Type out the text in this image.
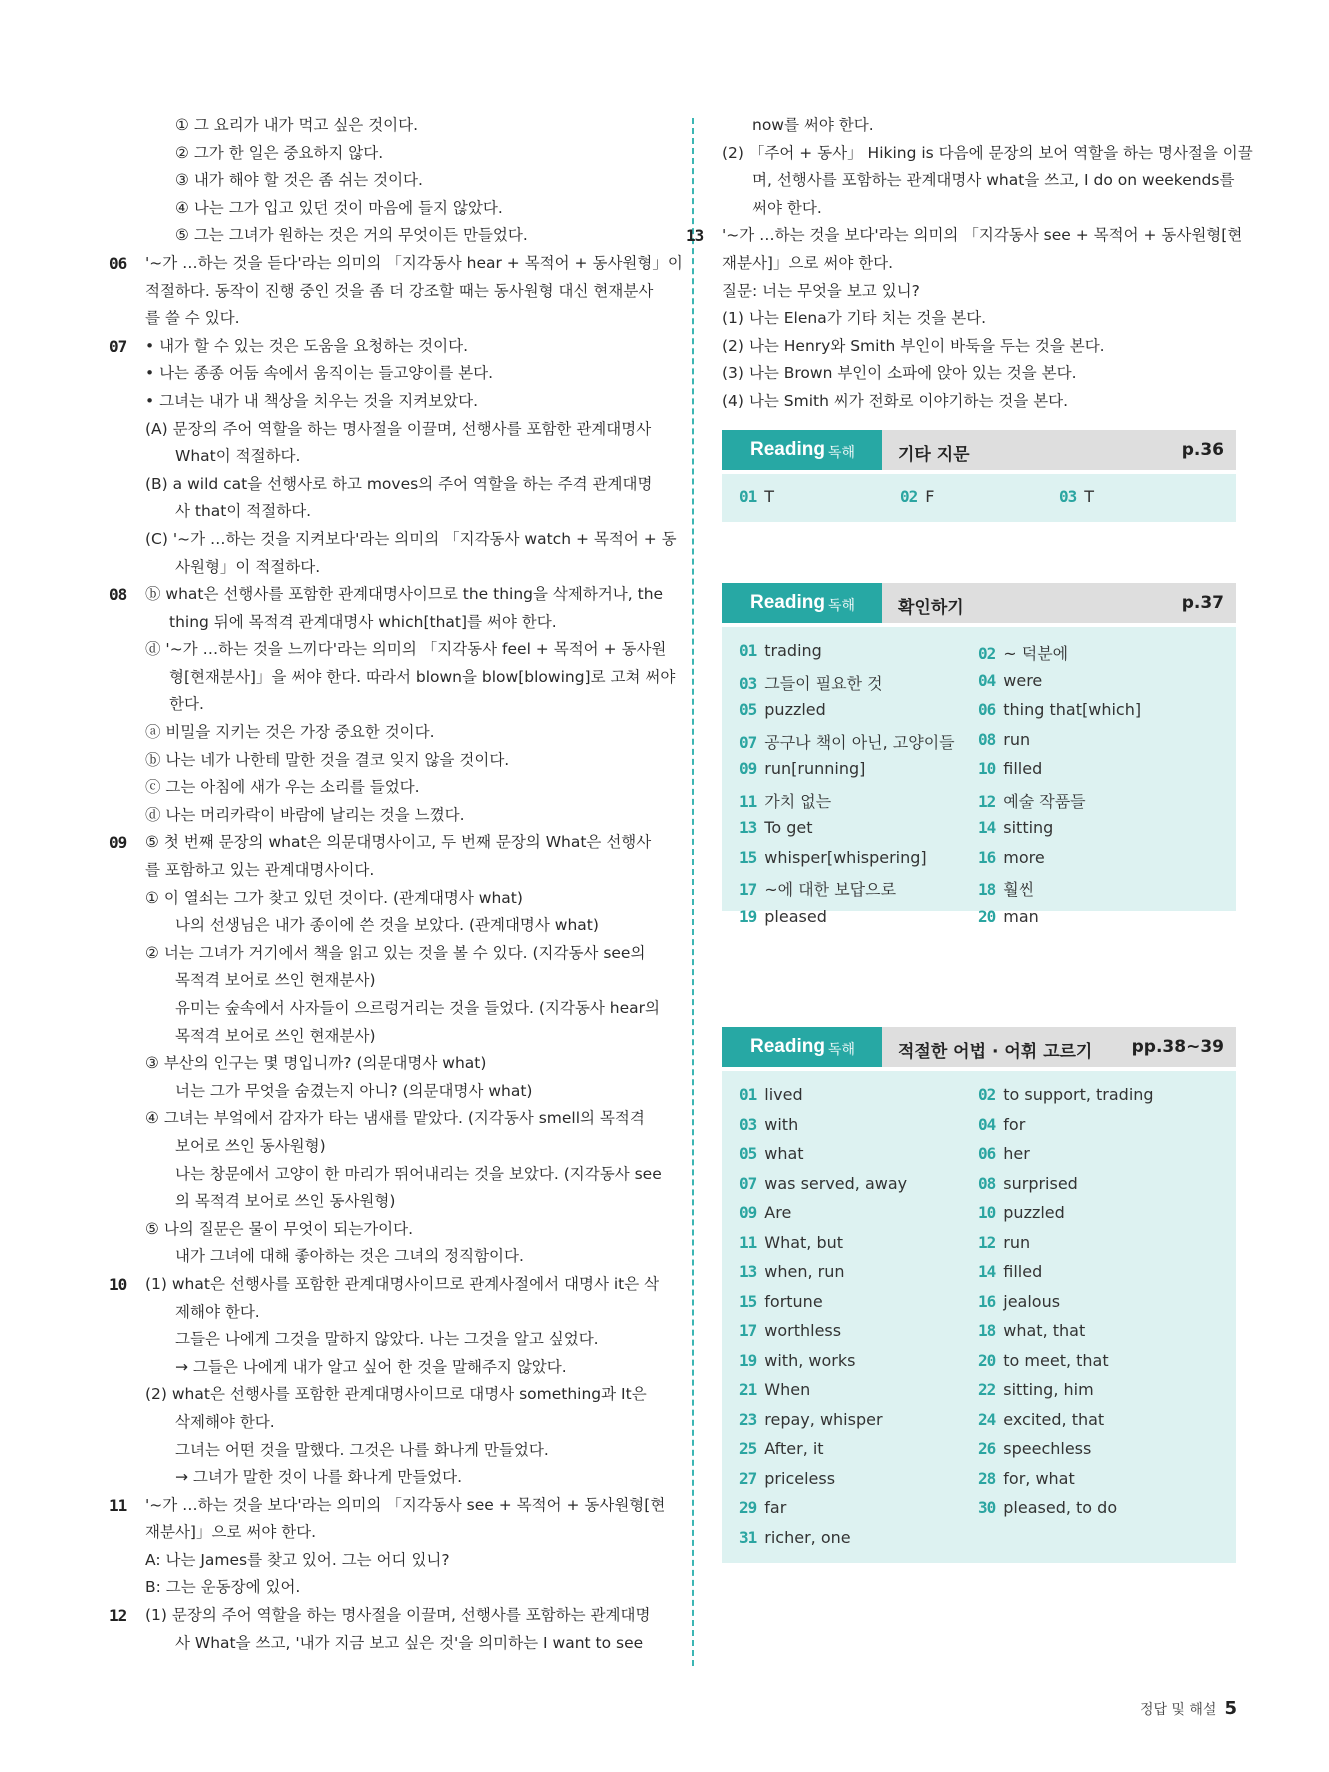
① 그 요리가 내가 먹고 싶은 것이다.
② 그가 한 일은 중요하지 않다.
③ 내가 해야 할 것은 좀 쉬는 것이다.
④ 나는 그가 입고 있던 것이 마음에 들지 않았다.
⑤ 그는 그녀가 원하는 것은 거의 무엇이든 만들었다.
06 '~가 …하는 것을 듣다'라는 의미의 「지각동사 hear + 목적어 + 동사원형」이
적절하다. 동작이 진행 중인 것을 좀 더 강조할 때는 동사원형 대신 현재분사
를 쓸 수 있다.
07 • 내가 할 수 있는 것은 도움을 요청하는 것이다.
• 나는 종종 어둠 속에서 움직이는 들고양이를 본다.
• 그녀는 내가 내 책상을 치우는 것을 지켜보았다.
(A) 문장의 주어 역할을 하는 명사절을 이끌며, 선행사를 포함한 관계대명사
What이 적절하다.
(B) a wild cat을 선행사로 하고 moves의 주어 역할을 하는 주격 관계대명
사 that이 적절하다.
(C) '~가 …하는 것을 지켜보다'라는 의미의 「지각동사 watch + 목적어 + 동
사원형」이 적절하다.
08 ⓑ what은 선행사를 포함한 관계대명사이므로 the thing을 삭제하거나, the
thing 뒤에 목적격 관계대명사 which[that]를 써야 한다.
ⓓ '~가 …하는 것을 느끼다'라는 의미의 「지각동사 feel + 목적어 + 동사원
형[현재분사]」을 써야 한다. 따라서 blown을 blow[blowing]로 고쳐 써야
한다.
ⓐ 비밀을 지키는 것은 가장 중요한 것이다.
ⓑ 나는 네가 나한테 말한 것을 결코 잊지 않을 것이다.
ⓒ 그는 아침에 새가 우는 소리를 들었다.
ⓓ 나는 머리카락이 바람에 날리는 것을 느꼈다.
09 ⑤ 첫 번째 문장의 what은 의문대명사이고, 두 번째 문장의 What은 선행사
를 포함하고 있는 관계대명사이다.
① 이 열쇠는 그가 찾고 있던 것이다. (관계대명사 what)
나의 선생님은 내가 종이에 쓴 것을 보았다. (관계대명사 what)
② 너는 그녀가 거기에서 책을 읽고 있는 것을 볼 수 있다. (지각동사 see의
목적격 보어로 쓰인 현재분사)
유미는 숲속에서 사자들이 으르렁거리는 것을 들었다. (지각동사 hear의
목적격 보어로 쓰인 현재분사)
③ 부산의 인구는 몇 명입니까? (의문대명사 what)
너는 그가 무엇을 숨겼는지 아니? (의문대명사 what)
④ 그녀는 부엌에서 감자가 타는 냄새를 맡았다. (지각동사 smell의 목적격
보어로 쓰인 동사원형)
나는 창문에서 고양이 한 마리가 뛰어내리는 것을 보았다. (지각동사 see
의 목적격 보어로 쓰인 동사원형)
⑤ 나의 질문은 물이 무엇이 되는가이다.
내가 그녀에 대해 좋아하는 것은 그녀의 정직함이다.
10 (1) what은 선행사를 포함한 관계대명사이므로 관계사절에서 대명사 it은 삭
제해야 한다.
그들은 나에게 그것을 말하지 않았다. 나는 그것을 알고 싶었다.
→ 그들은 나에게 내가 알고 싶어 한 것을 말해주지 않았다.
(2) what은 선행사를 포함한 관계대명사이므로 대명사 something과 It은
삭제해야 한다.
그녀는 어떤 것을 말했다. 그것은 나를 화나게 만들었다.
→ 그녀가 말한 것이 나를 화나게 만들었다.
11 '~가 …하는 것을 보다'라는 의미의 「지각동사 see + 목적어 + 동사원형[현
재분사]」으로 써야 한다.
A: 나는 James를 찾고 있어. 그는 어디 있니?
B: 그는 운동장에 있어.
12 (1) 문장의 주어 역할을 하는 명사절을 이끌며, 선행사를 포함하는 관계대명
사 What을 쓰고, '내가 지금 보고 싶은 것'을 의미하는 I want to see
now를 써야 한다.
(2) 「주어 + 동사」 Hiking is 다음에 문장의 보어 역할을 하는 명사절을 이끌
며, 선행사를 포함하는 관계대명사 what을 쓰고, I do on weekends를
써야 한다.
13 '~가 …하는 것을 보다'라는 의미의 「지각동사 see + 목적어 + 동사원형[현
재분사]」으로 써야 한다.
질문: 너는 무엇을 보고 있니?
(1) 나는 Elena가 기타 치는 것을 본다.
(2) 나는 Henry와 Smith 부인이 바둑을 두는 것을 본다.
(3) 나는 Brown 부인이 소파에 앉아 있는 것을 본다.
(4) 나는 Smith 씨가 전화로 이야기하는 것을 본다.
Reading 독해	기타 지문	p.36
01 T	02 F	03 T
Reading 독해	확인하기	p.37
01 trading	02 ~ 덕분에
03 그들이 필요한 것	04 were
05 puzzled	06 thing that[which]
07 공구나 책이 아닌, 고양이들 08 run
09 run[running]	10 filled
11 가치 없는	12 예술 작품들
13 To get	14 sitting
15 whisper[whispering]	16 more
17 ~에 대한 보답으로	18 훨씬
19 pleased	20 man
Reading 독해	적절한 어법 · 어휘 고르기 pp.38~39
01 lived	02 to support, trading
03 with	04 for
05 what	06 her
07 was served, away	08 surprised
09 Are	10 puzzled
11 What, but	12 run
13 when, run	14 filled
15 fortune	16 jealous
17 worthless	18 what, that
19 with, works	20 to meet, that
21 When	22 sitting, him
23 repay, whisper	24 excited, that
25 After, it	26 speechless
27 priceless	28 for, what
29 far	30 pleased, to do
31 richer, one
정답 및 해설 5
